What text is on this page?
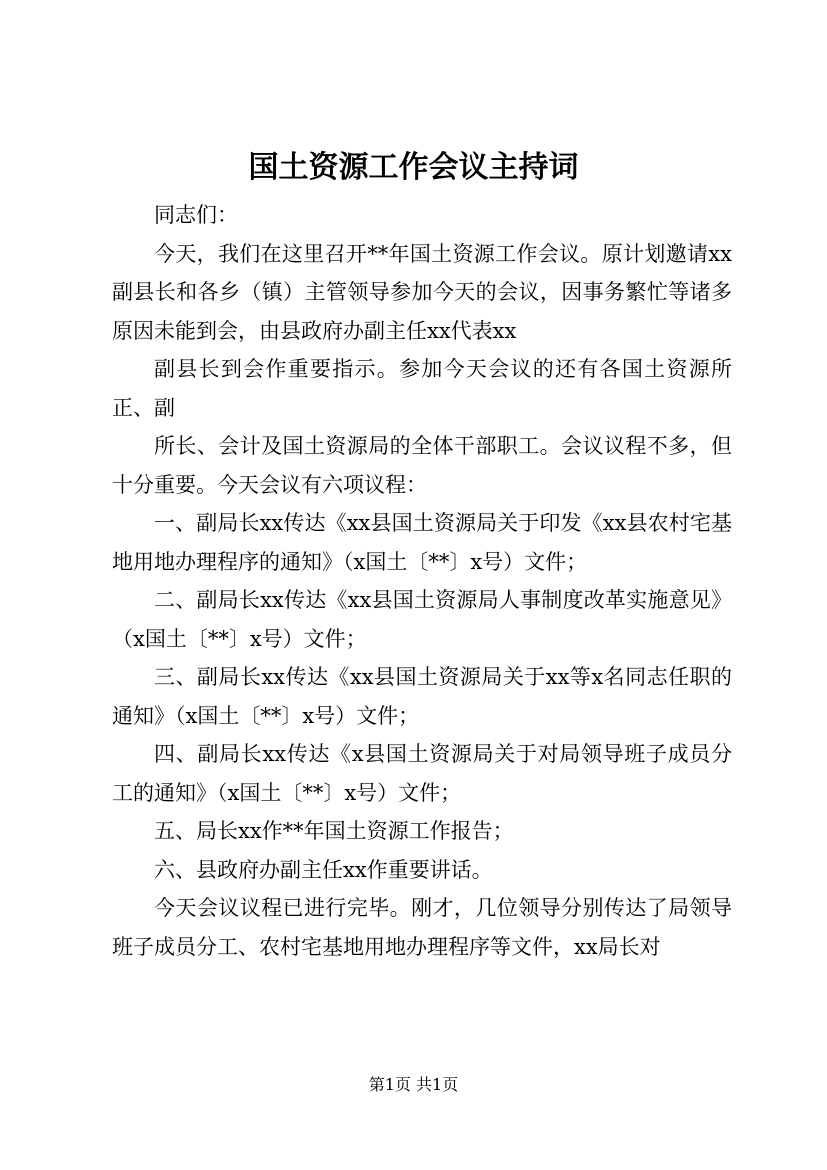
国土资源工作会议主持词

同志们：

今天，我们在这里召开**年国土资源工作会议。原计划邀请xx副县长和各乡（镇）主管领导参加今天的会议，因事务繁忙等诸多原因未能到会，由县政府办副主任xx代表xx

副县长到会作重要指示。参加今天会议的还有各国土资源所正、副

所长、会计及国土资源局的全体干部职工。会议议程不多，但十分重要。今天会议有六项议程：

一、副局长xx传达《xx县国土资源局关于印发《xx县农村宅基地用地办理程序的通知》（x国土〔**〕x号）文件；

二、副局长xx传达《xx县国土资源局人事制度改革实施意见》（x国土〔**〕x号）文件；

三、副局长xx传达《xx县国土资源局关于xx等x名同志任职的通知》（x国土〔**〕x号）文件；

四、副局长xx传达《x县国土资源局关于对局领导班子成员分工的通知》（x国土〔**〕x号）文件；

五、局长xx作**年国土资源工作报告；

六、县政府办副主任xx作重要讲话。

今天会议议程已进行完毕。刚才，几位领导分别传达了局领导班子成员分工、农村宅基地用地办理程序等文件，xx局长对

第1页 共1页
